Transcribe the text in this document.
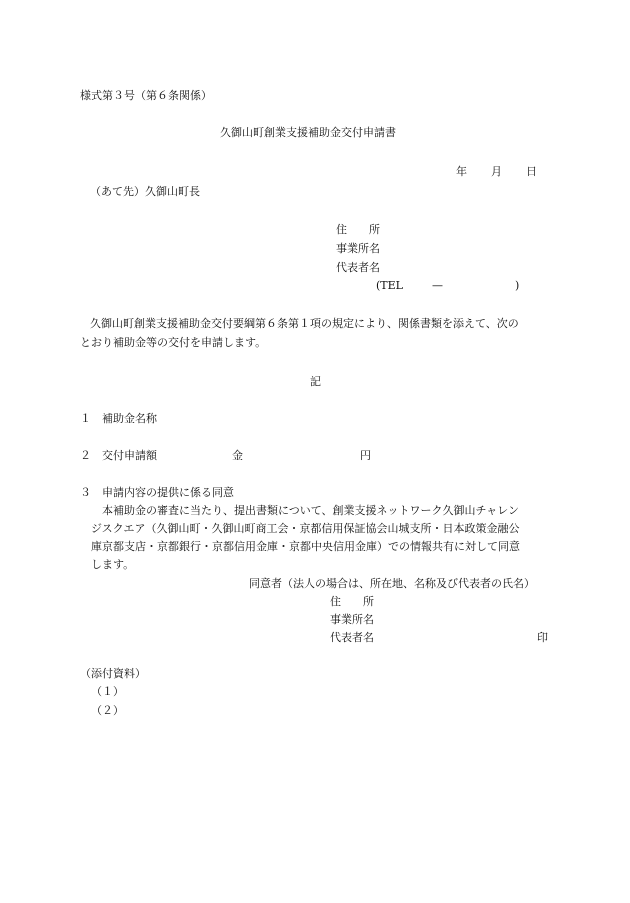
様式第３号（第６条関係）
久御山町創業支援補助金交付申請書
年 月 日
（あて先）久御山町長
住　　所
事業所名
代表者名
(TEL	—	)
久御山町創業支援補助金交付要綱第６条第１項の規定により、関係書類を添えて、次の
とおり補助金等の交付を申請します。
記
１ 補助金名称
２ 交付申請額	金	円
３ 申請内容の提供に係る同意
本補助金の審査に当たり、提出書類について、創業支援ネットワーク久御山チャレン
ジスクエア（久御山町・久御山町商工会・京都信用保証協会山城支所・日本政策金融公
庫京都支店・京都銀行・京都信用金庫・京都中央信用金庫）での情報共有に対して同意
します。
同意者（法人の場合は、所在地、名称及び代表者の氏名）
住　　所
事業所名
代表者名	印
（添付資料）
（１）
（２）
